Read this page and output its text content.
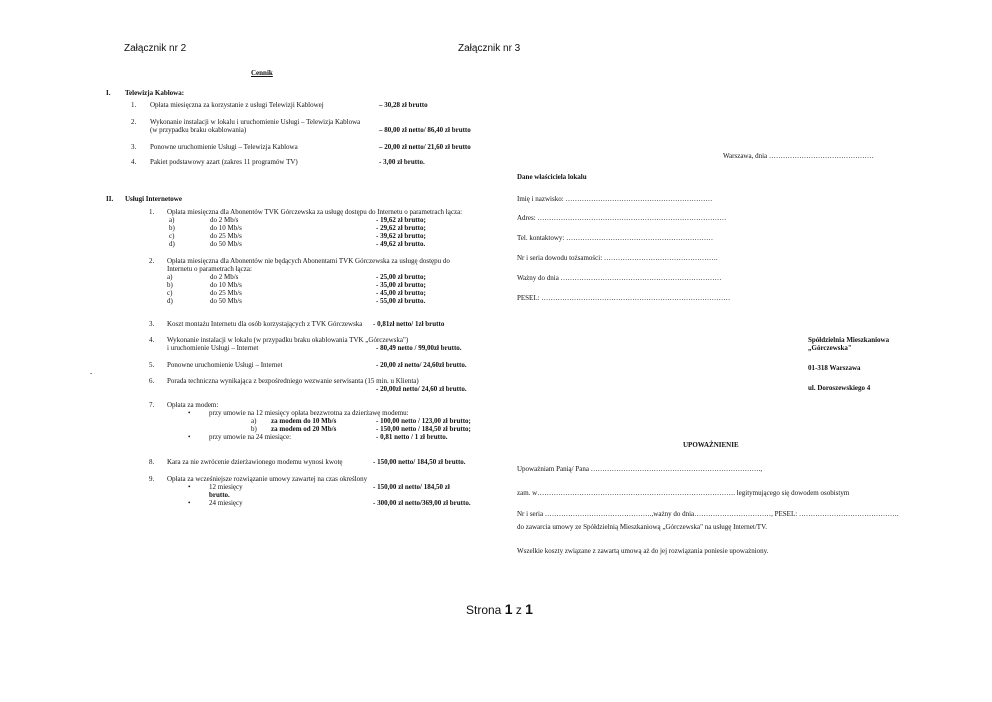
Załącznik nr 2	Załącznik nr 3
Cennik
I. Telewizja Kablowa:
1. Opłata miesięczna za korzystanie z usługi Telewizji Kablowej	– 30,28 zł brutto
2. Wykonanie instalacji w lokalu i uruchomienie Usługi – Telewizja Kablowa
(w przypadku braku okablowania)	– 80,00 zł netto/ 86,40 zł brutto
3. Ponowne uruchomienie Usługi – Telewizja Kablowa	– 20,00 zł netto/ 21,60 zł brutto
4. Pakiet podstawowy azart (zakres 11 programów TV)	- 3,00 zł brutto.
II. Usługi Internetowe
1. Opłata miesięczna dla Abonentów TVK Górczewska za usługę dostępu do Internetu o parametrach łącza:
a)	do 2 Mb/s	- 19,62 zł brutto;
b)	do 10 Mb/s	- 29,62 zł brutto;
c)	do 25 Mb/s	- 39,62 zł brutto;
d)	do 50 Mb/s	- 49,62 zł brutto.
2. Opłata miesięczna dla Abonentów nie będących Abonentami TVK Górczewska za usługę dostępu do
Internetu o parametrach łącza:
a)	do 2 Mb/s	- 25,00 zł brutto;
b)	do 10 Mb/s	- 35,00 zł brutto;
c)	do 25 Mb/s	- 45,00 zł brutto;
d)	do 50 Mb/s	- 55,00 zł brutto.
3. Koszt montażu Internetu dla osób korzystających z TVK Górczewska - 0,81zł netto/ 1zł brutto
4. Wykonanie instalacji w lokalu (w przypadku braku okablowania TVK „Górczewska")
i uruchomienie Usługi – Internet	- 80,49 netto / 99,00zł brutto.
5. Ponowne uruchomienie Usługi – Internet	- 20,00 zł netto/ 24,60zł brutto.
-
6. Porada techniczna wynikająca z bezpośredniego wezwanie serwisanta (15 min. u Klienta)
- 20,00zł netto/ 24,60 zł brutto.
7. Opłata za modem:
•	przy umowie na 12 miesięcy opłata bezzwrotna za dzierżawę modemu:
a) za modem do 10 Mb/s	- 100,00 netto / 123,00 zł brutto;
b) za modem od 20 Mb/s	- 150,00 netto / 184,50 zł brutto;
•	przy umowie na 24 miesiące:	- 0,81 netto / 1 zł brutto.
8. Kara za nie zwrócenie dzierżawionego modemu wynosi kwotę	- 150,00 netto/ 184,50 zł brutto.
9. Opłata za wcześniejsze rozwiązanie umowy zawartej na czas określony
•	12 miesięcy	- 150,00 zł netto/ 184,50 zł
brutto.
•	24 miesięcy	- 300,00 zł netto/369,00 zł brutto.
Warszawa, dnia ………………………………………
Dane właściciela lokalu
Imię i nazwisko: ………………………………………………………
Adres: ………………………………………………………………………
Tel. kontaktowy: ………………………………………………………
Nr i seria dowodu tożsamości: ………………………………………….
Ważny do dnia ……………………………………………………………
PESEL: ………………………………………………………………………
Spółdzielnia Mieszkaniowa
„Górczewska"
01-318 Warszawa
ul. Doroszewskiego 4
UPOWAŻNIENIE
Upoważniam Panią/ Pana ……………………………………………………………….,
zam. w…………………………………………………………………………. legitymującego się dowodem osobistym
Nr i seria ……………………………………….,ważny do dnia……………………………, PESEL: …………………………………….
do zawarcia umowy ze Spółdzielnią Mieszkaniową „Górczewska" na usługę Internet/TV.
Wszelkie koszty związane z zawartą umową aż do jej rozwiązania poniesie upoważniony.
Strona 1 z 1
